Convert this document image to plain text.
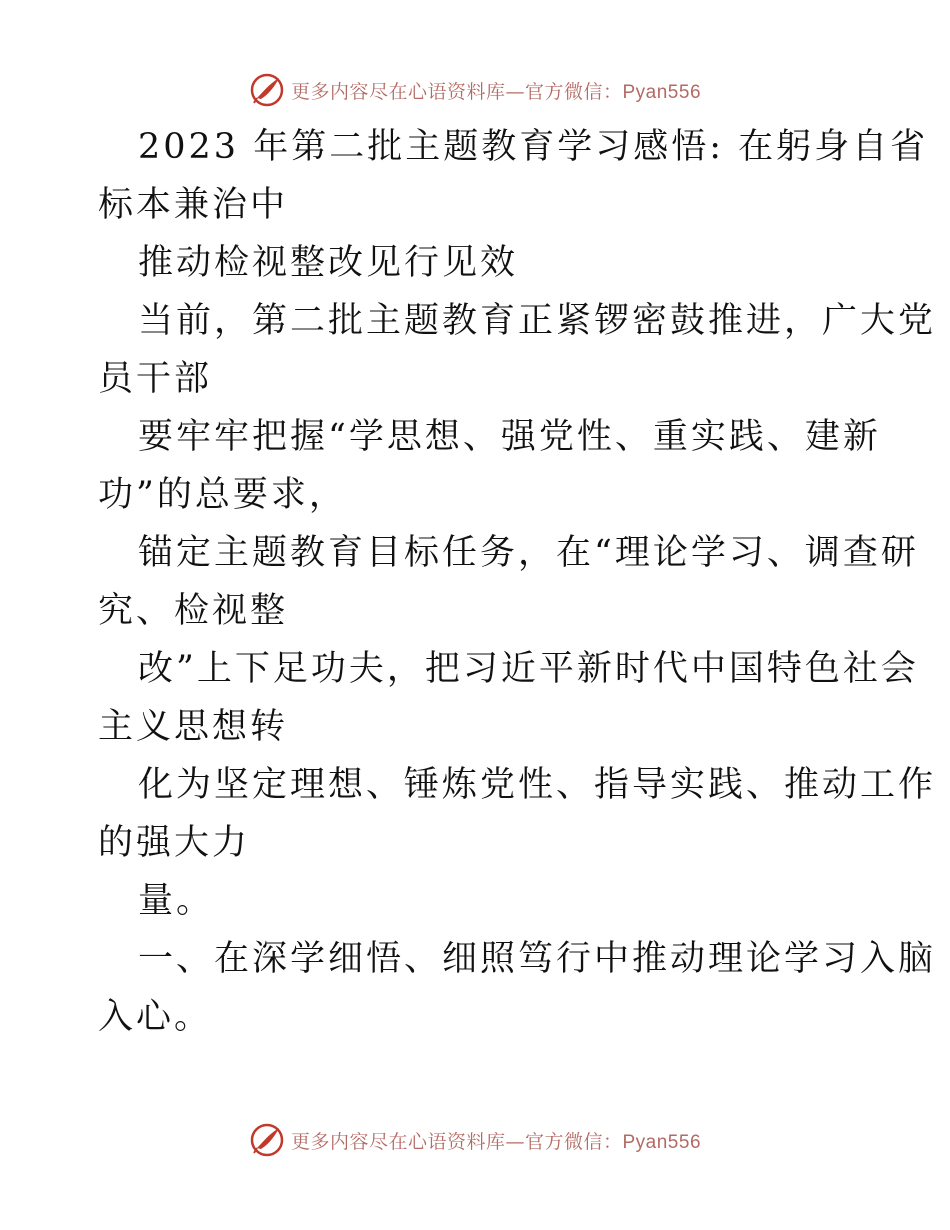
更多内容尽在心语资料库—官方微信：Pyan556
2023 年第二批主题教育学习感悟: 在躬身自省
标本兼治中
推动检视整改见行见效
当前，第二批主题教育正紧锣密鼓推进，广大党
员干部
要牢牢把握“学思想、强党性、重实践、建新
功”的总要求，
锚定主题教育目标任务，在“理论学习、调查研
究、检视整
改”上下足功夫，把习近平新时代中国特色社会
主义思想转
化为坚定理想、锤炼党性、指导实践、推动工作
的强大力
量。
一、在深学细悟、细照笃行中推动理论学习入脑
入心。
更多内容尽在心语资料库—官方微信：Pyan556
